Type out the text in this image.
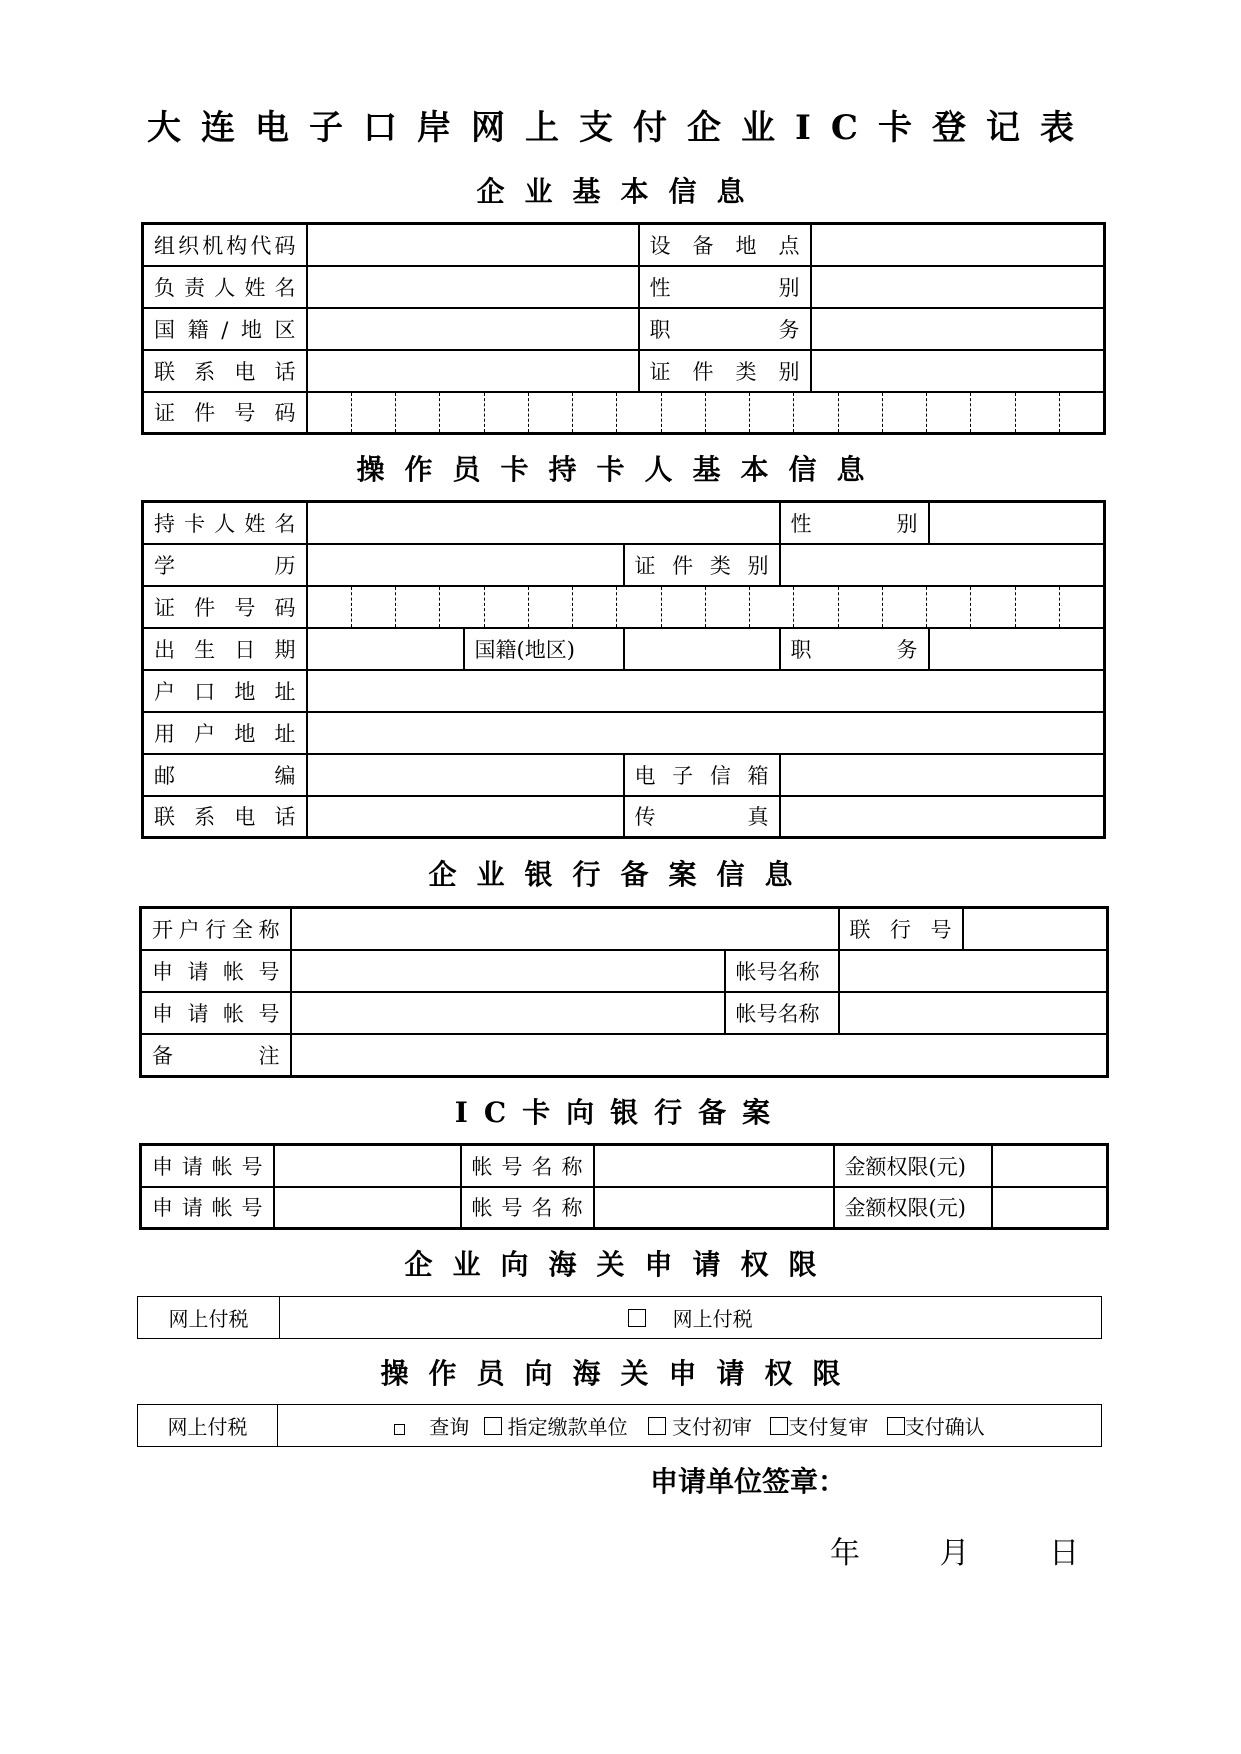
大连电子口岸网上支付企业IC卡登记表
企业基本信息
组织机构代码		设备地点	
负责人姓名		性别	
国籍/地区		职务	
联系电话		证件类别	
证件号码			
操作员卡持卡人基本信息
持卡人姓名				性别	
学历			证件类别		
证件号码					

出生日期		国籍(地区)		职务	
户口地址					
用户地址					
邮编			电子信箱		
联系电话			传真		
企业银行备案信息
开户行全称			联行号	
申请帐号		帐号名称		
申请帐号		帐号名称		
备注				
IC卡向银行备案
申请帐号		帐号名称		金额权限(元)	
申请帐号		帐号名称		金额权限(元)	
企业向海关申请权限
网上付税	网上付税
操作员向海关申请权限
网上付税	查询 指定缴款单位 支付初审 支付复审 支付确认
申请单位签章：
年	月	日
